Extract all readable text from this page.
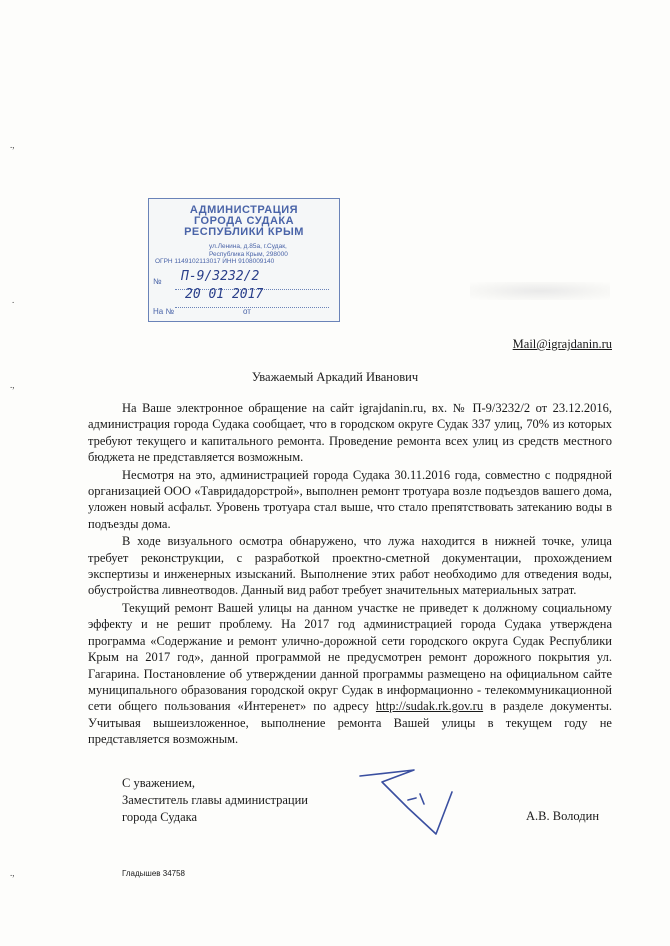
.,
.,
.,
.
АДМИНИСТРАЦИЯ
ГОРОДА СУДАКА
РЕСПУБЛИКИ КРЫМ
ул.Ленина, д.85а, г.Судак,
Республика Крым, 298000
ОГРН 1149102113017 ИНН 9108009140
№	П-9/3232/2
20 01 2017
На №	от
Mail@igrajdanin.ru
Уважаемый Аркадий Иванович

На Ваше электронное обращение на сайт igrajdanin.ru, вх. № П-9/3232/2 от 23.12.2016, администрация города Судака сообщает, что в городском округе Судак 337 улиц, 70% из которых требуют текущего и капитального ремонта. Проведение ремонта всех улиц из средств местного бюджета не представляется возможным.

Несмотря на это, администрацией города Судака 30.11.2016 года, совместно с подрядной организацией ООО «Тавридадорстрой», выполнен ремонт тротуара возле подъездов вашего дома, уложен новый асфальт. Уровень тротуара стал выше, что стало препятствовать затеканию воды в подъезды дома.

В ходе визуального осмотра обнаружено, что лужа находится в нижней точке, улица требует реконструкции, с разработкой проектно-сметной документации, прохождением экспертизы и инженерных изысканий. Выполнение этих работ необходимо для отведения воды, обустройства ливнеотводов. Данный вид работ требует значительных материальных затрат.

Текущий ремонт Вашей улицы на данном участке не приведет к должному социальному эффекту и не решит проблему. На 2017 год администрацией города Судака утверждена программа «Содержание и ремонт улично-дорожной сети городского округа Судак Республики Крым на 2017 год», данной программой не предусмотрен ремонт дорожного покрытия ул. Гагарина. Постановление об утверждении данной программы размещено на официальном сайте муниципального образования городской округ Судак в информационно - телекоммуникационной сети общего пользования «Интеренет» по адресу http://sudak.rk.gov.ru в разделе документы. Учитывая вышеизложенное, выполнение ремонта Вашей улицы в текущем году не представляется возможным.

С уважением,
Заместитель главы администрации
города Судака	А.В. Володин
Гладышев 34758
